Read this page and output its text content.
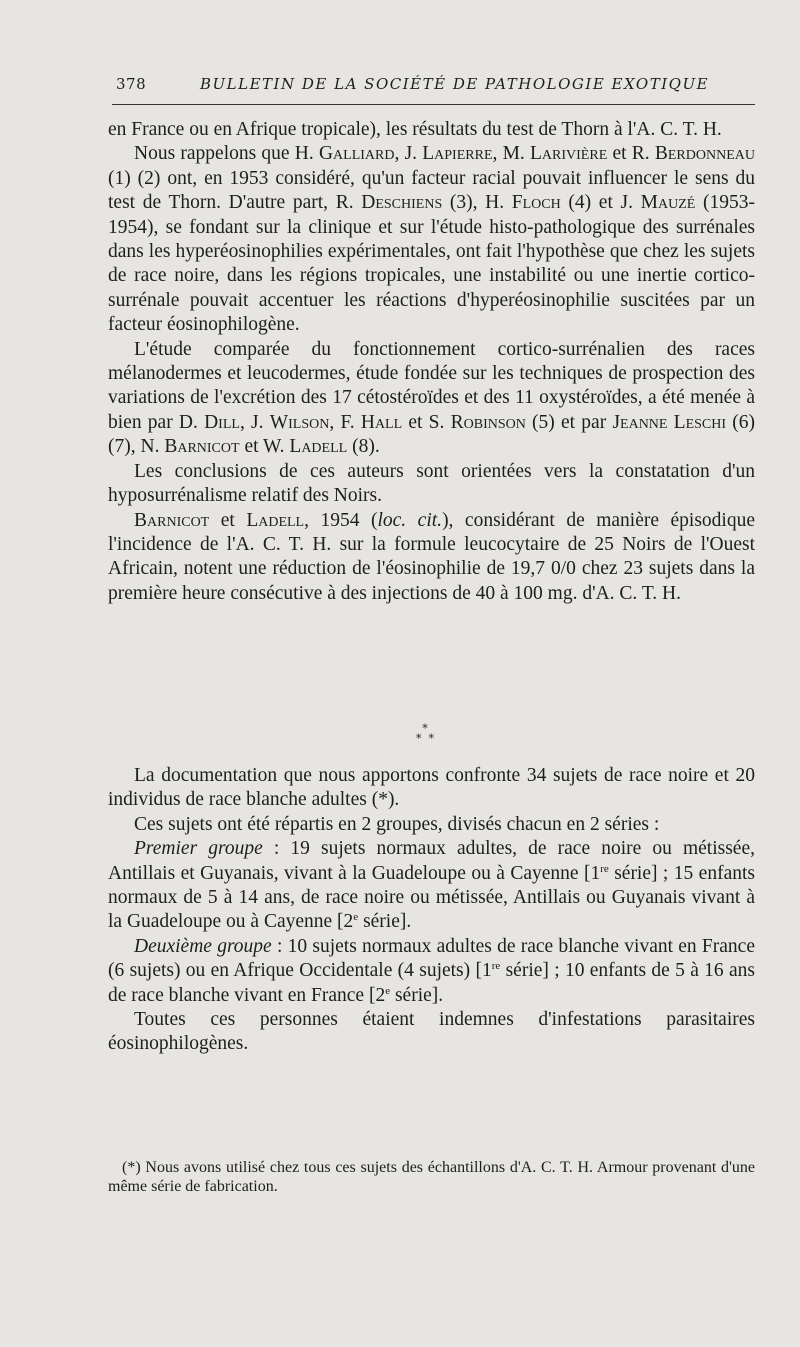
378	BULLETIN DE LA SOCIÉTÉ DE PATHOLOGIE EXOTIQUE

en France ou en Afrique tropicale), les résultats du test de Thorn à l'A. C. T. H.

Nous rappelons que H. Galliard, J. Lapierre, M. Larivière et R. Berdonneau (1) (2) ont, en 1953 considéré, qu'un facteur racial pouvait influencer le sens du test de Thorn. D'autre part, R. Deschiens (3), H. Floch (4) et J. Mauzé (1953-1954), se fondant sur la clinique et sur l'étude histo-pathologique des surrénales dans les hyperéosinophilies expérimentales, ont fait l'hypothèse que chez les sujets de race noire, dans les régions tropicales, une instabilité ou une inertie cortico-surrénale pouvait accentuer les réactions d'hyperéosinophilie suscitées par un facteur éosinophilogène.

L'étude comparée du fonctionnement cortico-surrénalien des races mélanodermes et leucodermes, étude fondée sur les techniques de prospection des variations de l'excrétion des 17 cétostéroïdes et des 11 oxystéroïdes, a été menée à bien par D. Dill, J. Wilson, F. Hall et S. Robinson (5) et par Jeanne Leschi (6) (7), N. Barnicot et W. Ladell (8).

Les conclusions de ces auteurs sont orientées vers la constatation d'un hyposurrénalisme relatif des Noirs.

Barnicot et Ladell, 1954 (loc. cit.), considérant de manière épisodique l'incidence de l'A. C. T. H. sur la formule leucocytaire de 25 Noirs de l'Ouest Africain, notent une réduction de l'éosinophilie de 19,7 0/0 chez 23 sujets dans la première heure consécutive à des injections de 40 à 100 mg. d'A. C. T. H.

*
* *

La documentation que nous apportons confronte 34 sujets de race noire et 20 individus de race blanche adultes (*).

Ces sujets ont été répartis en 2 groupes, divisés chacun en 2 séries :

Premier groupe : 19 sujets normaux adultes, de race noire ou métissée, Antillais et Guyanais, vivant à la Guadeloupe ou à Cayenne [1re série] ; 15 enfants normaux de 5 à 14 ans, de race noire ou métissée, Antillais ou Guyanais vivant à la Guadeloupe ou à Cayenne [2e série].

Deuxième groupe : 10 sujets normaux adultes de race blanche vivant en France (6 sujets) ou en Afrique Occidentale (4 sujets) [1re série] ; 10 enfants de 5 à 16 ans de race blanche vivant en France [2e série].

Toutes ces personnes étaient indemnes d'infestations parasitaires éosinophilogènes.

(*) Nous avons utilisé chez tous ces sujets des échantillons d'A. C. T. H. Armour provenant d'une même série de fabrication.
